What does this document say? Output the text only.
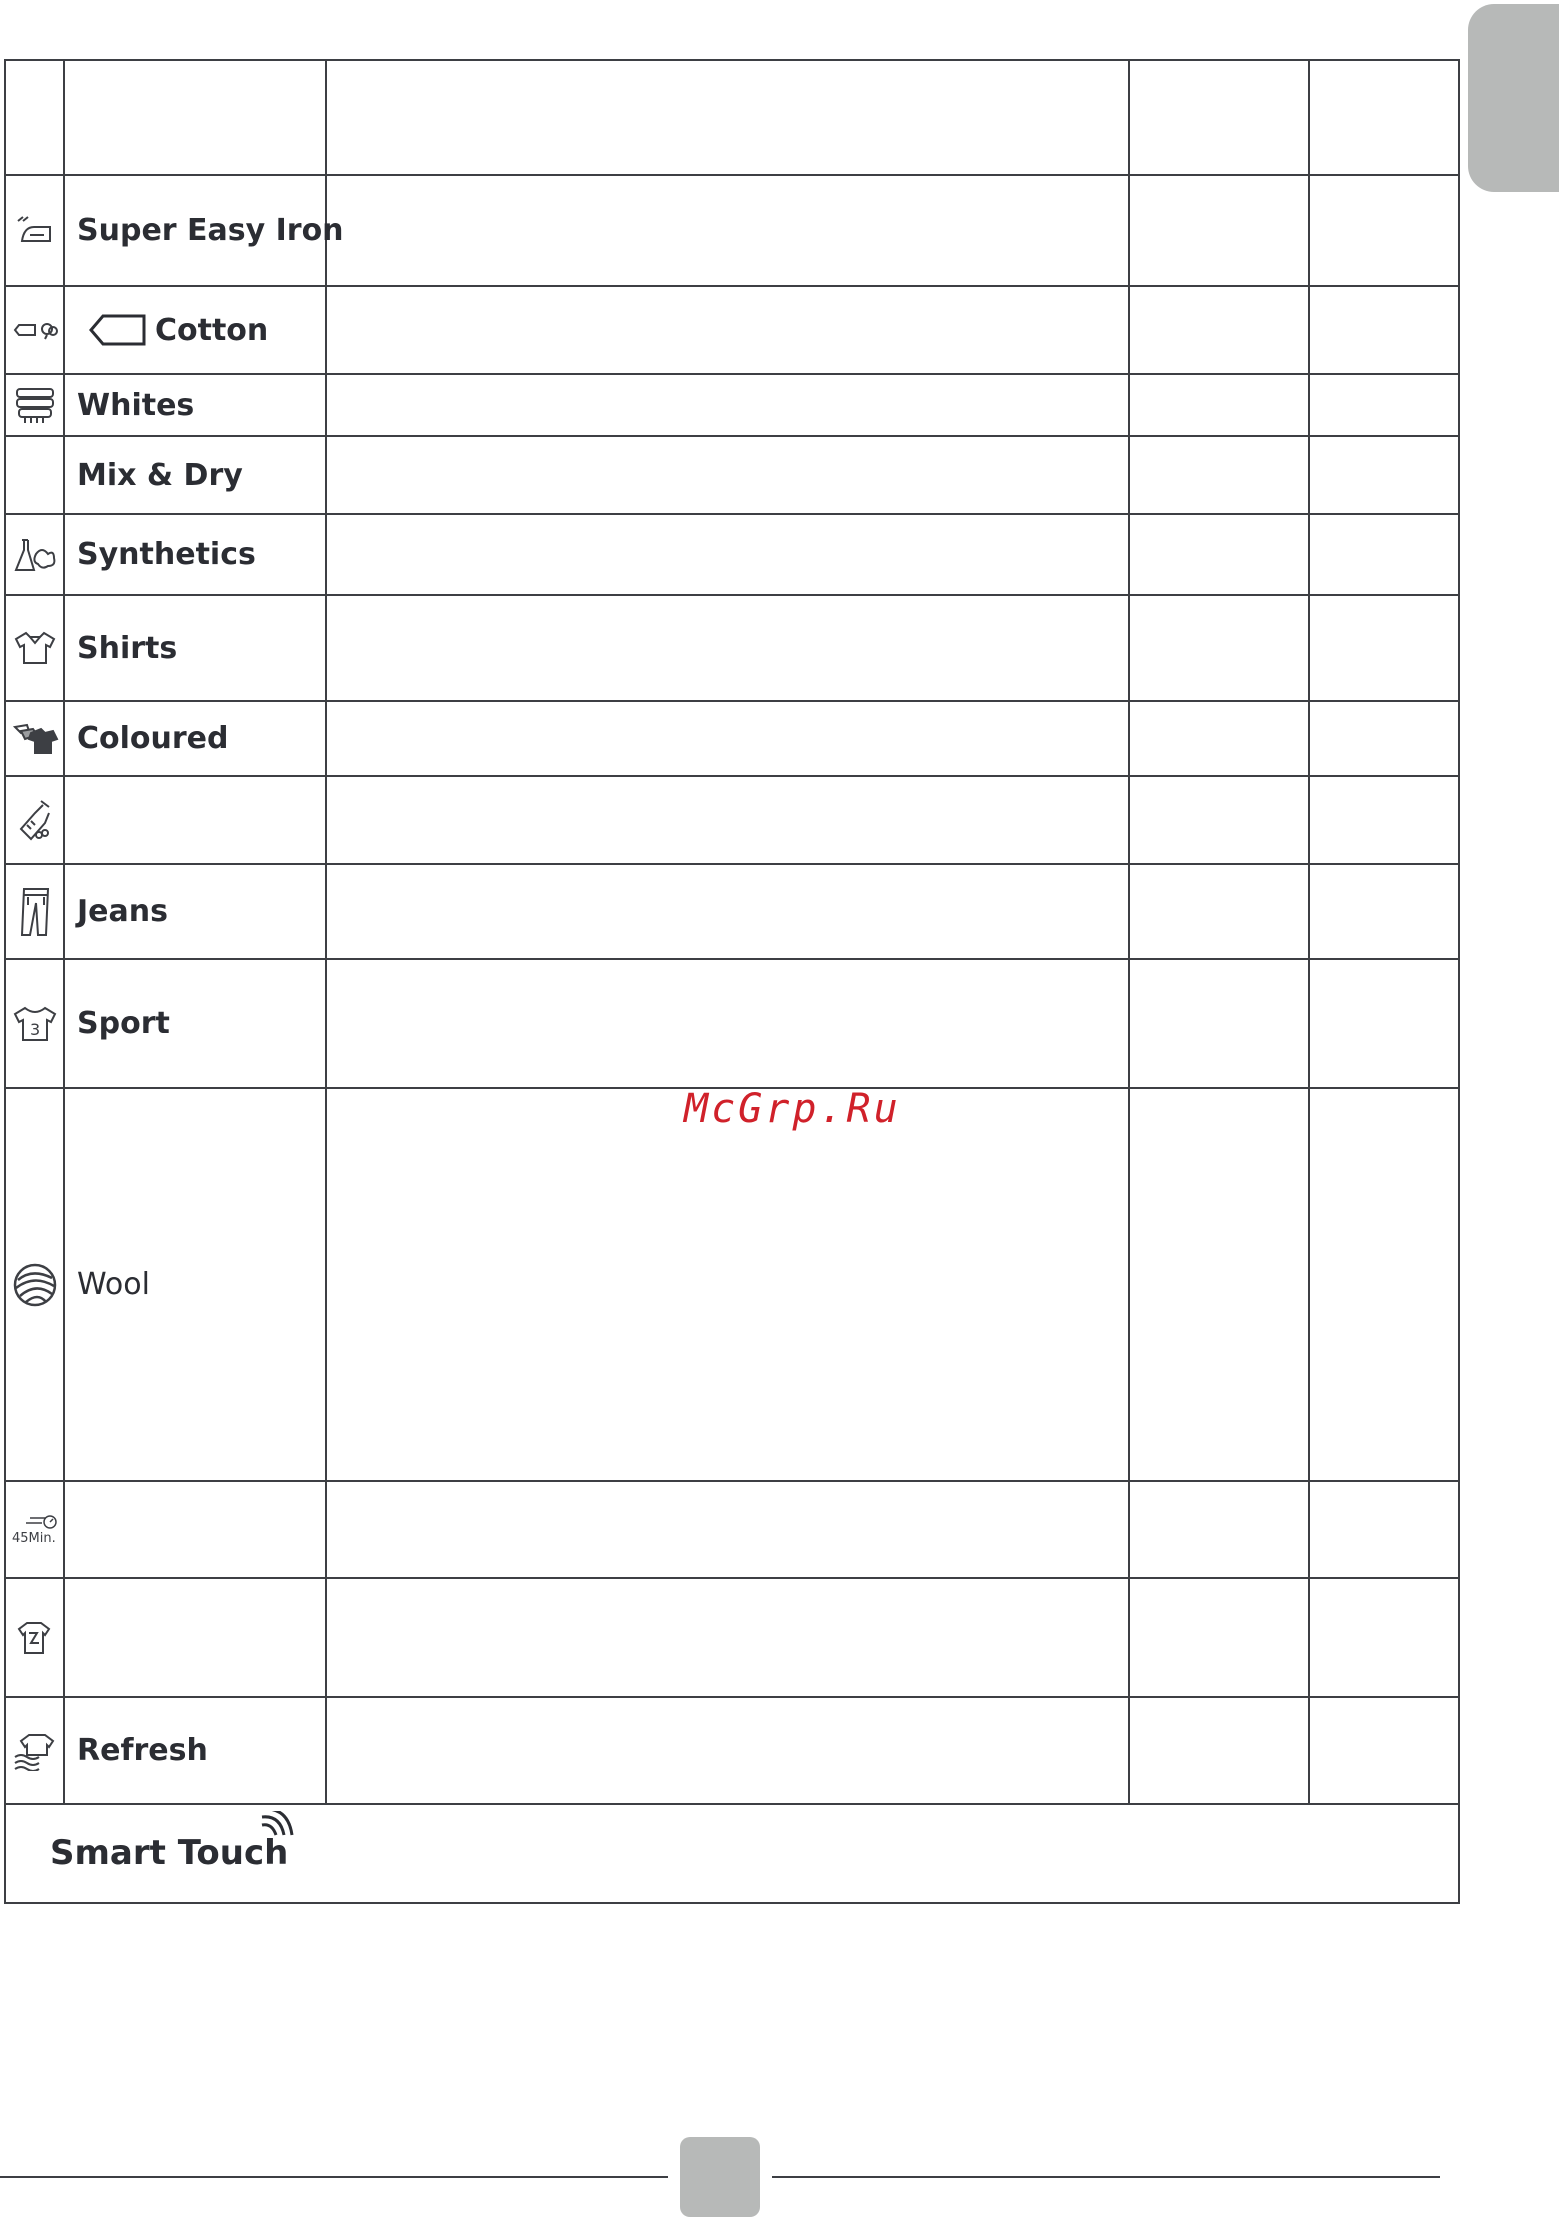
	Super Easy Iron			

Cotton			

	Whites			
	Mix & Dry			
	Synthetics			
	Shirts			
	Coloured			

	Jeans			

3	Sport			
	Wool			

45Min.				

	Refresh			

Smart Touch				
McGrp.Ru
